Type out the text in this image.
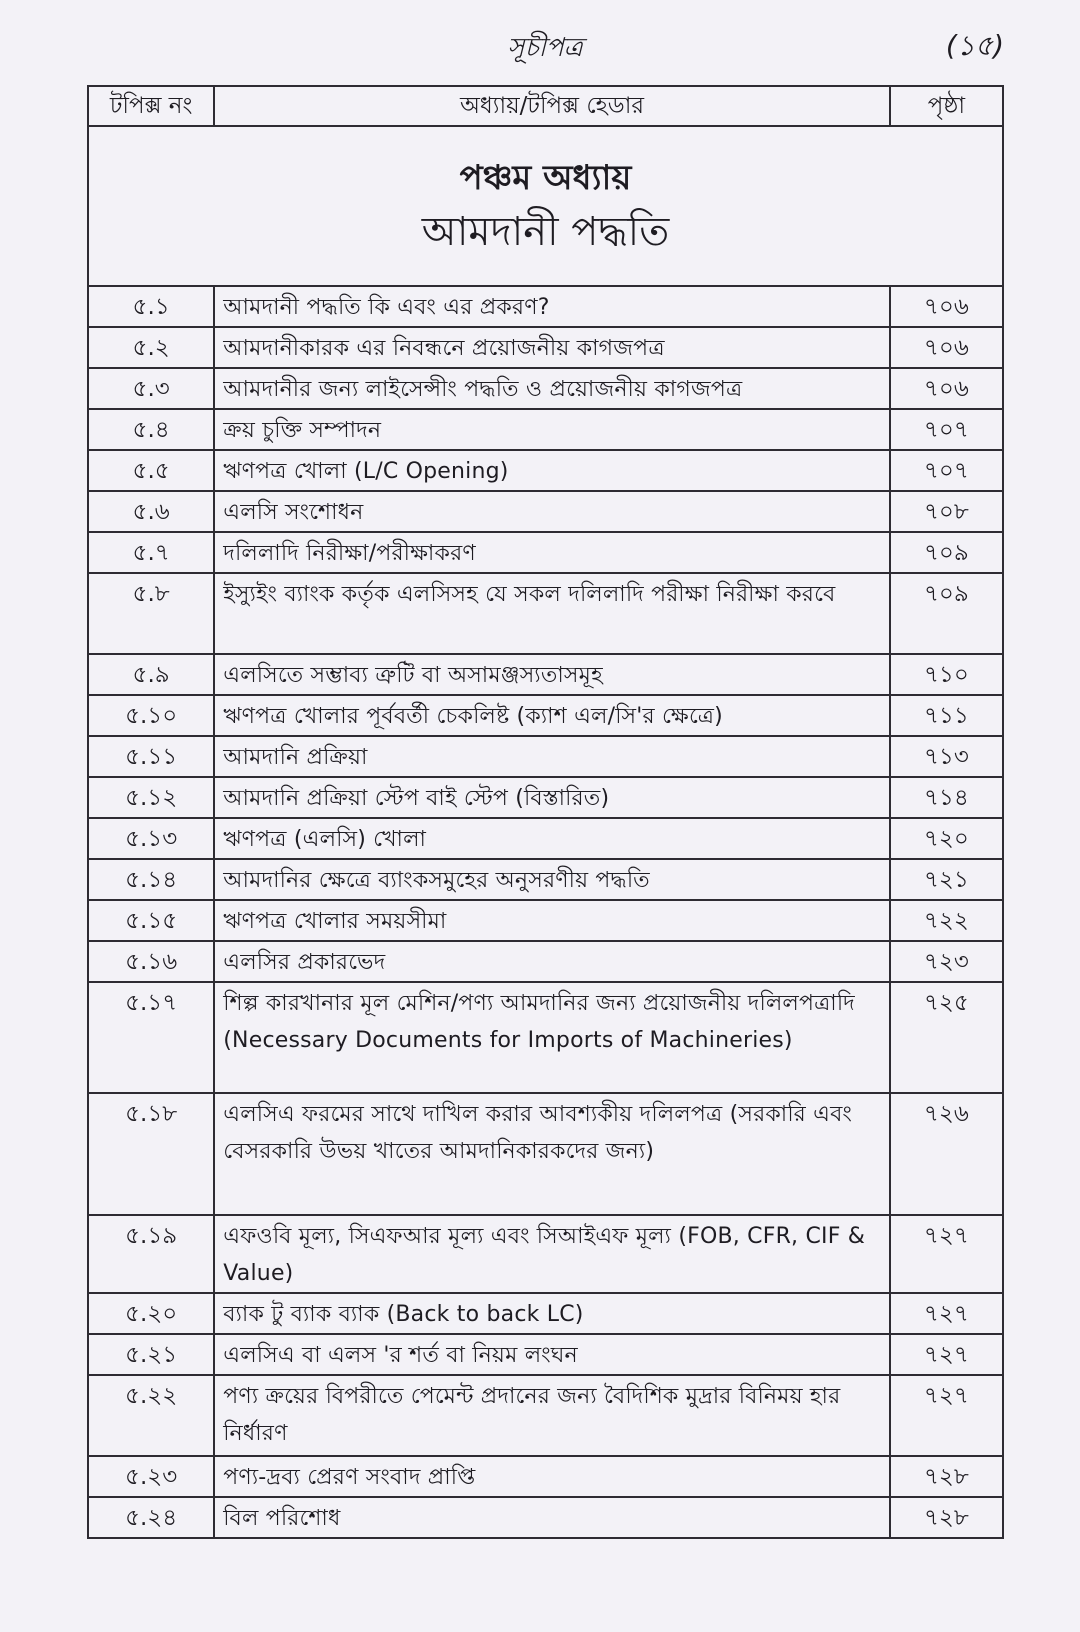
সূচীপত্র	(১৫)
টপিক্স নং	অধ্যায়/টপিক্স হেডার	পৃষ্ঠা

পঞ্চম অধ্যায়
আমদানী পদ্ধতি		

৫.১	আমদানী পদ্ধতি কি এবং এর প্রকরণ?	৭০৬
৫.২	আমদানীকারক এর নিবন্ধনে প্রয়োজনীয় কাগজপত্র	৭০৬
৫.৩	আমদানীর জন্য লাইসেন্সীং পদ্ধতি ও প্রয়োজনীয় কাগজপত্র	৭০৬
৫.৪	ক্রয় চুক্তি সম্পাদন	৭০৭
৫.৫	ঋণপত্র খোলা (L/C Opening)	৭০৭
৫.৬	এলসি সংশোধন	৭০৮
৫.৭	দলিলাদি নিরীক্ষা/পরীক্ষাকরণ	৭০৯
৫.৮	ইস্যুইং ব্যাংক কর্তৃক এলসিসহ যে সকল দলিলাদি পরীক্ষা নিরীক্ষা করবে	৭০৯
৫.৯	এলসিতে সম্ভাব্য ত্রুটি বা অসামঞ্জস্যতাসমূহ	৭১০
৫.১০	ঋণপত্র খোলার পূর্ববর্তী চেকলিষ্ট (ক্যাশ এল/সি'র ক্ষেত্রে)	৭১১
৫.১১	আমদানি প্রক্রিয়া	৭১৩
৫.১২	আমদানি প্রক্রিয়া স্টেপ বাই স্টেপ (বিস্তারিত)	৭১৪
৫.১৩	ঋণপত্র (এলসি) খোলা	৭২০
৫.১৪	আমদানির ক্ষেত্রে ব্যাংকসমুহের অনুসরণীয় পদ্ধতি	৭২১
৫.১৫	ঋণপত্র খোলার সময়সীমা	৭২২
৫.১৬	এলসির প্রকারভেদ	৭২৩
৫.১৭	শিল্প কারখানার মূল মেশিন/পণ্য আমদানির জন্য প্রয়োজনীয় দলিলপত্রাদি (Necessary Documents for Imports of Machineries)	৭২৫
৫.১৮	এলসিএ ফরমের সাথে দাখিল করার আবশ্যকীয় দলিলপত্র (সরকারি এবং বেসরকারি উভয় খাতের আমদানিকারকদের জন্য)	৭২৬
৫.১৯	এফওবি মূল্য, সিএফআর মূল্য এবং সিআইএফ মূল্য (FOB, CFR, CIF & Value)	৭২৭
৫.২০	ব্যাক টু ব্যাক ব্যাক (Back to back LC)	৭২৭
৫.২১	এলসিএ বা এলস 'র শর্ত বা নিয়ম লংঘন	৭২৭
৫.২২	পণ্য ক্রয়ের বিপরীতে পেমেন্ট প্রদানের জন্য বৈদিশিক মুদ্রার বিনিময় হার নির্ধারণ	৭২৭
৫.২৩	পণ্য-দ্রব্য প্রেরণ সংবাদ প্রাপ্তি	৭২৮
৫.২৪	বিল পরিশোধ	৭২৮
